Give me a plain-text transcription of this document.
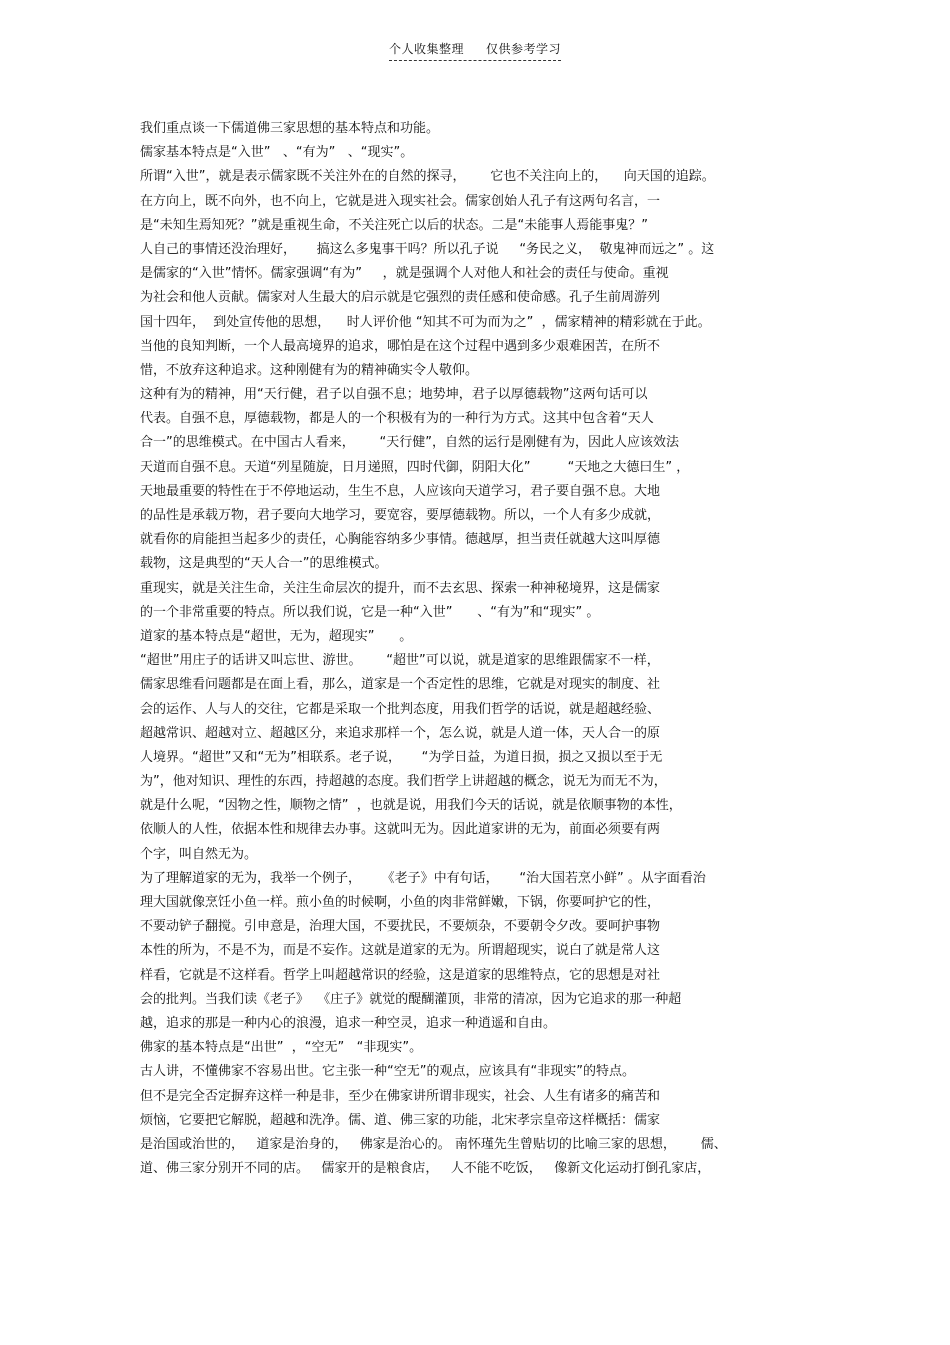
个人收集整理 仅供参考学习
我们重点谈一下儒道佛三家思想的基本特点和功能。
儒家基本特点是“入世”   、“有为”   、“现实”。
所谓“入世”，就是表示儒家既不关注外在的自然的探寻，      它也不关注向上的，    向天国的追踪。
在方向上，既不向外，也不向上，它就是进入现实社会。儒家创始人孔子有这两句名言，一
是“未知生焉知死？”就是重视生命，不关注死亡以后的状态。二是“未能事人焉能事鬼？”
人自己的事情还没治理好，     搞这么多鬼事干吗？所以孔子说     “务民之义，  敬鬼神而远之” 。这
是儒家的“入世”情怀。儒家强调“有为”     ，就是强调个人对他人和社会的责任与使命。重视
为社会和他人贡献。儒家对人生最大的启示就是它强烈的责任感和使命感。孔子生前周游列
国十四年，  到处宣传他的思想，    时人评价他 “知其不可为而为之”  ，儒家精神的精彩就在于此。
当他的良知判断，一个人最高境界的追求，哪怕是在这个过程中遇到多少艰难困苦，在所不
惜，不放弃这种追求。这种刚健有为的精神确实令人敬仰。
这种有为的精神，用“天行健，君子以自强不息；地势坤，君子以厚德载物”这两句话可以
代表。自强不息，厚德载物，都是人的一个积极有为的一种行为方式。这其中包含着“天人
合一”的思维模式。在中国古人看来，      “天行健”，自然的运行是刚健有为，因此人应该效法
天道而自强不息。天道“列星随旋，日月递照，四时代御，阴阳大化”         “天地之大德曰生” ，
天地最重要的特性在于不停地运动，生生不息，人应该向天道学习，君子要自强不息。大地
的品性是承载万物，君子要向大地学习，要宽容，要厚德载物。所以，一个人有多少成就，
就看你的肩能担当起多少的责任，心胸能容纳多少事情。德越厚，担当责任就越大这叫厚德
载物，这是典型的“天人合一”的思维模式。
重现实，就是关注生命，关注生命层次的提升，而不去玄思、探索一种神秘境界，这是儒家
的一个非常重要的特点。所以我们说，它是一种“入世”      、“有为”和“现实” 。
道家的基本特点是“超世，无为，超现实”      。
“超世”用庄子的话讲又叫忘世、游世。      “超世”可以说，就是道家的思维跟儒家不一样，
儒家思维看问题都是在面上看，那么，道家是一个否定性的思维，它就是对现实的制度、社
会的运作、人与人的交往，它都是采取一个批判态度，用我们哲学的话说，就是超越经验、
超越常识、超越对立、超越区分，来追求那样一个，怎么说，就是人道一体，天人合一的原
人境界。“超世”又和“无为”相联系。老子说，     “为学日益，为道日损，损之又损以至于无
为”，他对知识、理性的东西，持超越的态度。我们哲学上讲超越的概念，说无为而无不为，
就是什么呢，“因物之性，顺物之情”  ，也就是说，用我们今天的话说，就是依顺事物的本性，
依顺人的人性，依据本性和规律去办事。这就叫无为。因此道家讲的无为，前面必须要有两
个字，叫自然无为。
为了理解道家的无为，我举一个例子，     《老子》中有句话，     “治大国若烹小鲜” 。从字面看治
理大国就像烹饪小鱼一样。煎小鱼的时候啊，小鱼的肉非常鲜嫩，下锅，你要呵护它的性，
不要动铲子翻搅。引申意是，治理大国，不要扰民，不要烦杂，不要朝令夕改。要呵护事物
本性的所为，不是不为，而是不妄作。这就是道家的无为。所谓超现实，说白了就是常人这
样看，它就是不这样看。哲学上叫超越常识的经验，这是道家的思维特点，它的思想是对社
会的批判。当我们读《老子》  《庄子》就觉的醍醐灌顶，非常的清凉，因为它追求的那一种超
越，追求的那是一种内心的浪漫，追求一种空灵，追求一种逍遥和自由。
佛家的基本特点是“出世”  ，“空无”   “非现实”。
古人讲，不懂佛家不容易出世。它主张一种“空无”的观点，应该具有“非现实”的特点。
但不是完全否定摒弃这样一种是非，至少在佛家讲所谓非现实，社会、人生有诸多的痛苦和
烦恼，它要把它解脱，超越和洗净。儒、道、佛三家的功能，北宋孝宗皇帝这样概括：儒家
是治国或治世的，   道家是治身的，   佛家是治心的。 南怀瑾先生曾贴切的比喻三家的思想，      儒、
道、佛三家分别开不同的店。   儒家开的是粮食店，   人不能不吃饭，   像新文化运动打倒孔家店，
